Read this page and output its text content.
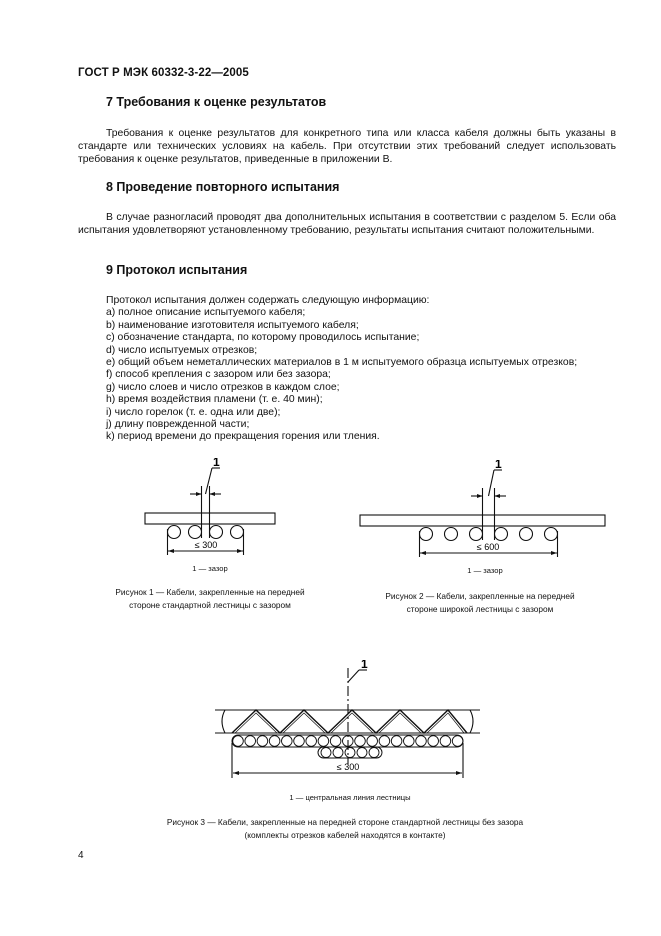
ГОСТ Р МЭК 60332-3-22—2005
7 Требования к оценке результатов
Требования к оценке результатов для конкретного типа или класса кабеля должны быть указаны в стандарте или технических условиях на кабель. При отсутствии этих требований следует использовать требования к оценке результатов, приведенные в приложении В.
8 Проведение повторного испытания
В случае разногласий проводят два дополнительных испытания в соответствии с разделом 5. Если оба испытания удовлетворяют установленному требованию, результаты испытания считают положительными.
9 Протокол испытания
Протокол испытания должен содержать следующую информацию:
a) полное описание испытуемого кабеля;
b) наименование изготовителя испытуемого кабеля;
c) обозначение стандарта, по которому проводилось испытание;
d) число испытуемых отрезков;
e) общий объем неметаллических материалов в 1 м испытуемого образца испытуемых отрезков;
f) способ крепления с зазором или без зазора;
g) число слоев и число отрезков в каждом слое;
h) время воздействия пламени (т. е. 40 мин);
i) число горелок (т. е. одна или две);
j) длину поврежденной части;
k) период времени до прекращения горения или тления.
1
≤ 300
1 — зазор
Рисунок 1 — Кабели, закрепленные на передней
стороне стандартной лестницы с зазором
1
≤ 600
1 — зазор
Рисунок 2 — Кабели, закрепленные на передней
стороне широкой лестницы с зазором
1
≤ 300
1 — центральная линия лестницы
Рисунок 3 — Кабели, закрепленные на передней стороне стандартной лестницы без зазора
(комплекты отрезков кабелей находятся в контакте)
4
